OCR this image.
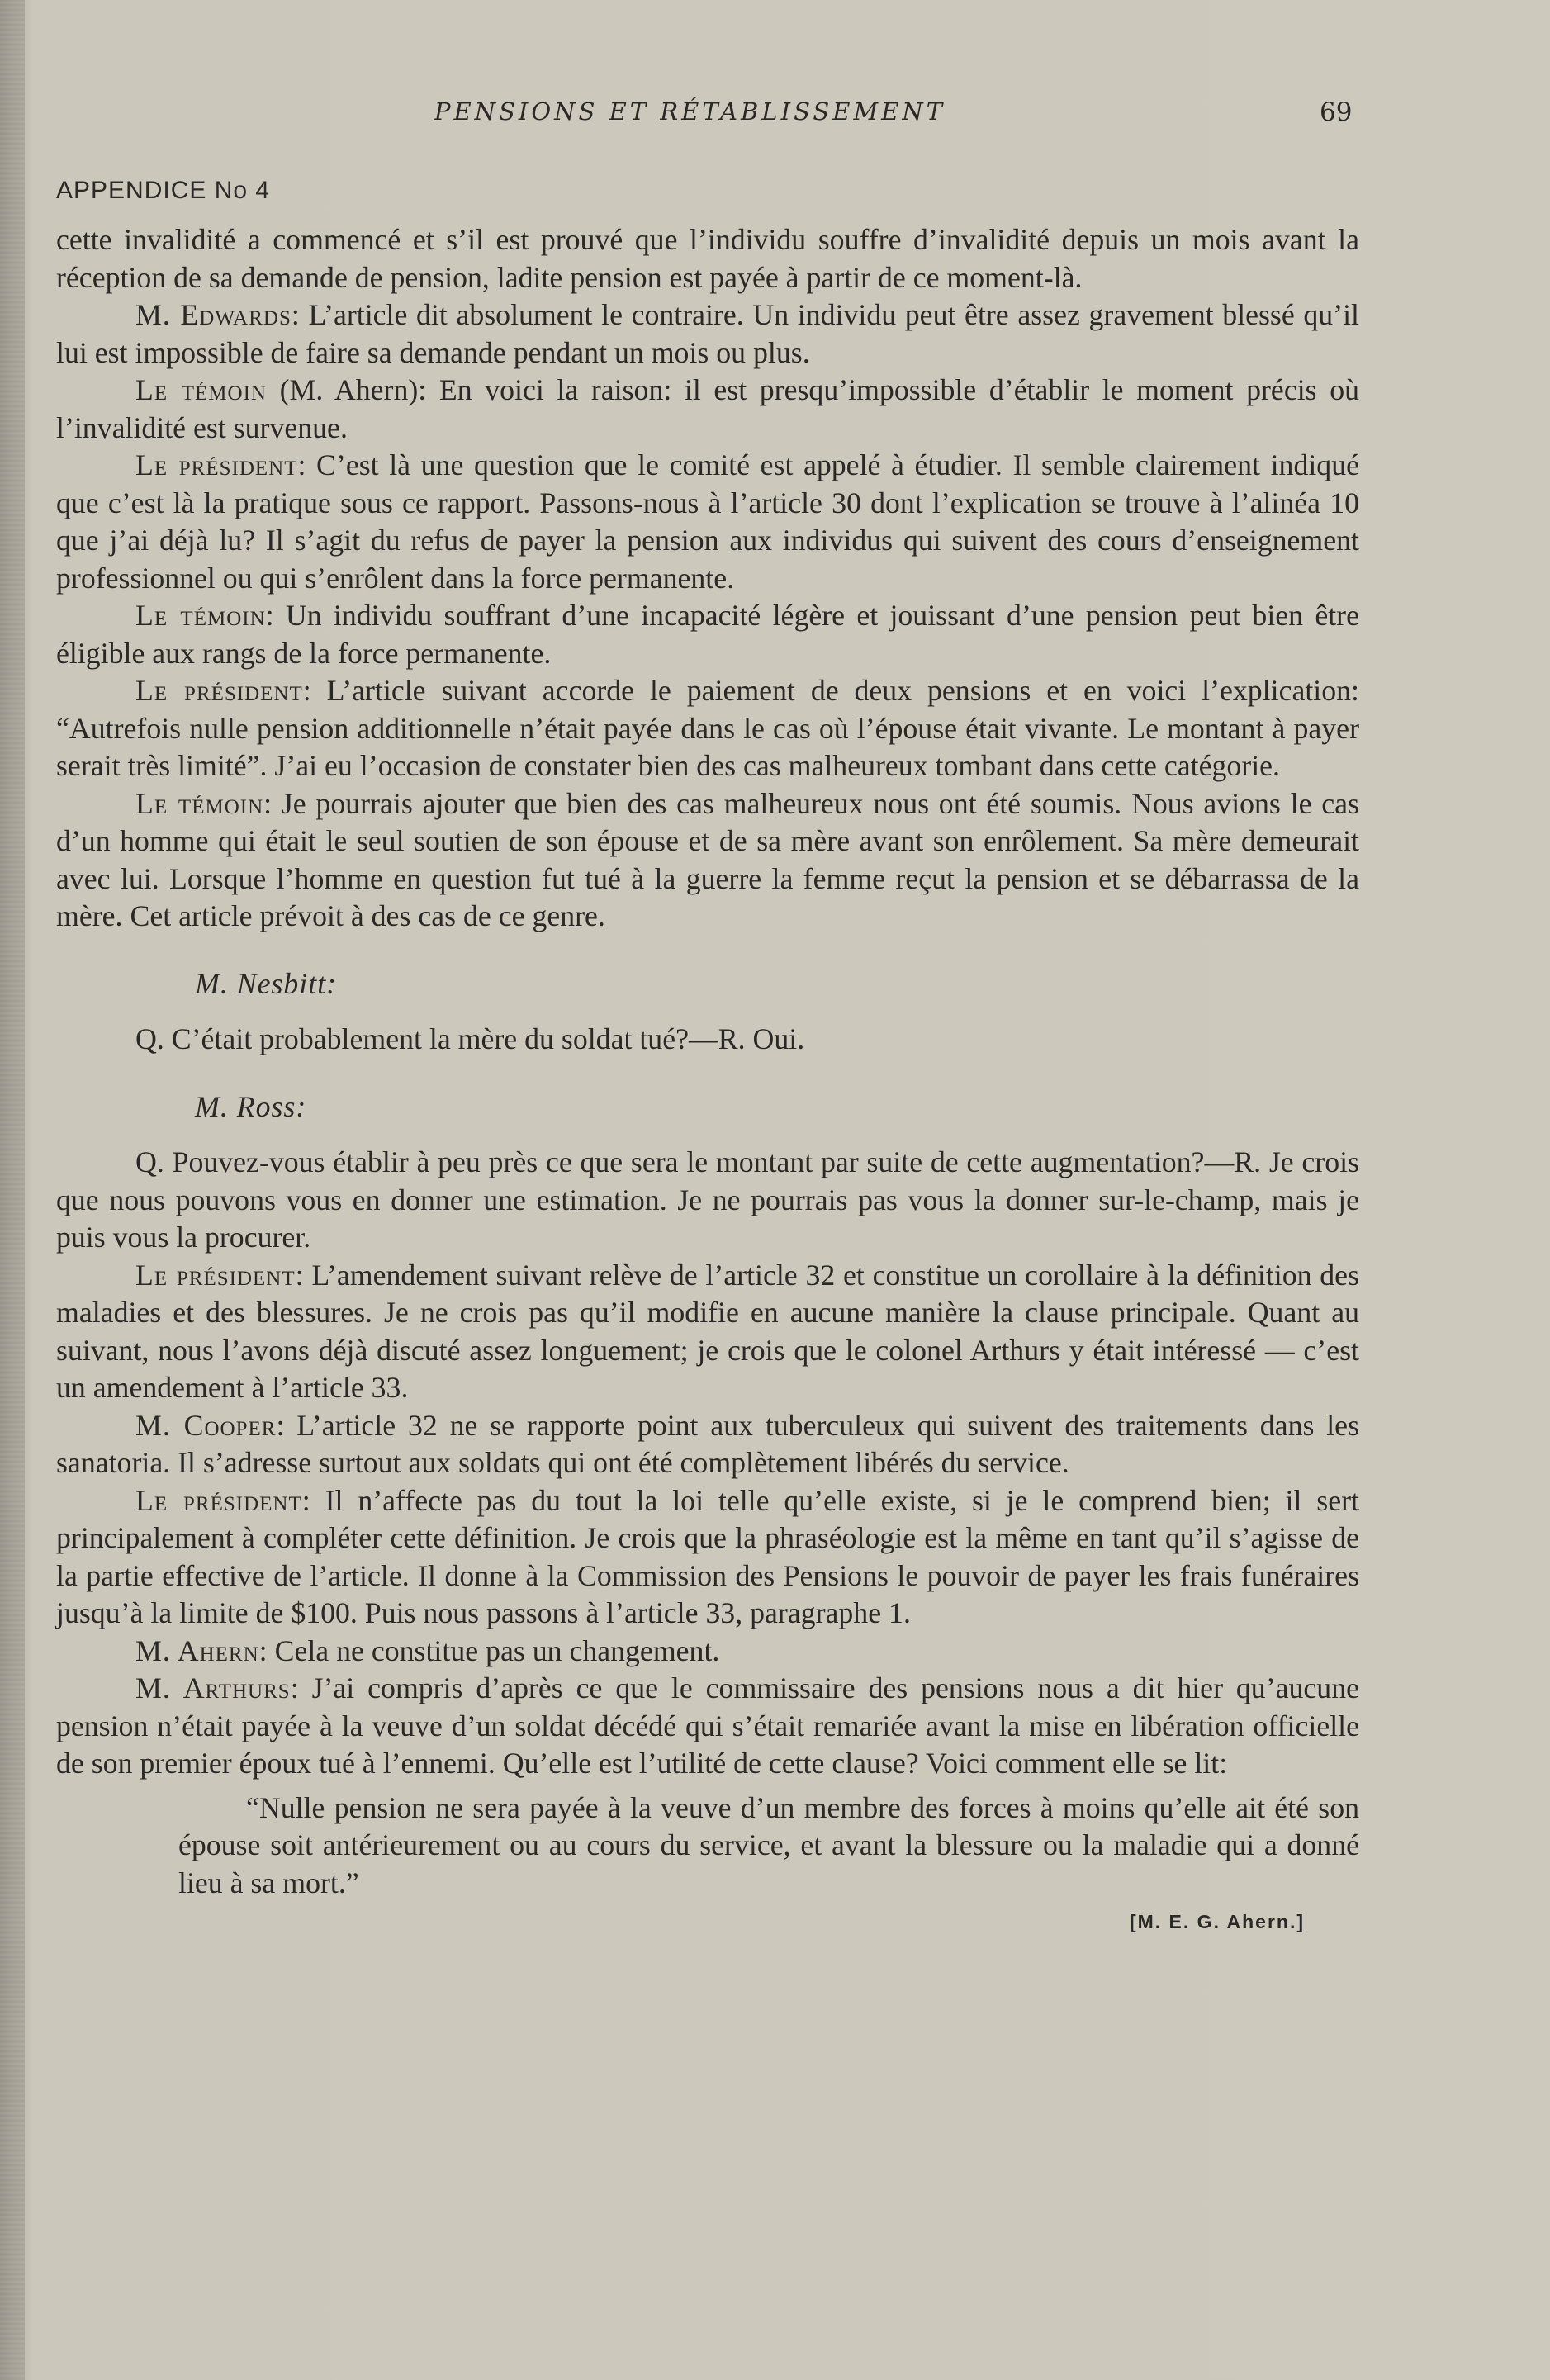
PENSIONS ET RÉTABLISSEMENT	69
APPENDICE No 4

cette invalidité a commencé et s’il est prouvé que l’individu souffre d’invalidité depuis un mois avant la réception de sa demande de pension, ladite pension est payée à partir de ce moment-là.

M. Edwards: L’article dit absolument le contraire. Un individu peut être assez gravement blessé qu’il lui est impossible de faire sa demande pendant un mois ou plus.

Le témoin (M. Ahern): En voici la raison: il est presqu’impossible d’établir le moment précis où l’invalidité est survenue.

Le président: C’est là une question que le comité est appelé à étudier. Il semble clairement indiqué que c’est là la pratique sous ce rapport. Passons-nous à l’article 30 dont l’explication se trouve à l’alinéa 10 que j’ai déjà lu? Il s’agit du refus de payer la pension aux individus qui suivent des cours d’enseignement professionnel ou qui s’enrôlent dans la force permanente.

Le témoin: Un individu souffrant d’une incapacité légère et jouissant d’une pension peut bien être éligible aux rangs de la force permanente.

Le président: L’article suivant accorde le paiement de deux pensions et en voici l’explication: “Autrefois nulle pension additionnelle n’était payée dans le cas où l’épouse était vivante. Le montant à payer serait très limité”. J’ai eu l’occasion de constater bien des cas malheureux tombant dans cette catégorie.

Le témoin: Je pourrais ajouter que bien des cas malheureux nous ont été soumis. Nous avions le cas d’un homme qui était le seul soutien de son épouse et de sa mère avant son enrôlement. Sa mère demeurait avec lui. Lorsque l’homme en question fut tué à la guerre la femme reçut la pension et se débarrassa de la mère. Cet article prévoit à des cas de ce genre.

M. Nesbitt:

Q. C’était probablement la mère du soldat tué?—R. Oui.

M. Ross:

Q. Pouvez-vous établir à peu près ce que sera le montant par suite de cette augmentation?—R. Je crois que nous pouvons vous en donner une estimation. Je ne pourrais pas vous la donner sur-le-champ, mais je puis vous la procurer.

Le président: L’amendement suivant relève de l’article 32 et constitue un corollaire à la définition des maladies et des blessures. Je ne crois pas qu’il modifie en aucune manière la clause principale. Quant au suivant, nous l’avons déjà discuté assez longuement; je crois que le colonel Arthurs y était intéressé — c’est un amendement à l’article 33.

M. Cooper: L’article 32 ne se rapporte point aux tuberculeux qui suivent des traitements dans les sanatoria. Il s’adresse surtout aux soldats qui ont été complètement libérés du service.

Le président: Il n’affecte pas du tout la loi telle qu’elle existe, si je le comprend bien; il sert principalement à compléter cette définition. Je crois que la phraséologie est la même en tant qu’il s’agisse de la partie effective de l’article. Il donne à la Commission des Pensions le pouvoir de payer les frais funéraires jusqu’à la limite de $100. Puis nous passons à l’article 33, paragraphe 1.

M. Ahern: Cela ne constitue pas un changement.

M. Arthurs: J’ai compris d’après ce que le commissaire des pensions nous a dit hier qu’aucune pension n’était payée à la veuve d’un soldat décédé qui s’était remariée avant la mise en libération officielle de son premier époux tué à l’ennemi. Qu’elle est l’utilité de cette clause? Voici comment elle se lit:

“Nulle pension ne sera payée à la veuve d’un membre des forces à moins qu’elle ait été son épouse soit antérieurement ou au cours du service, et avant la blessure ou la maladie qui a donné lieu à sa mort.”

[M. E. G. Ahern.]
